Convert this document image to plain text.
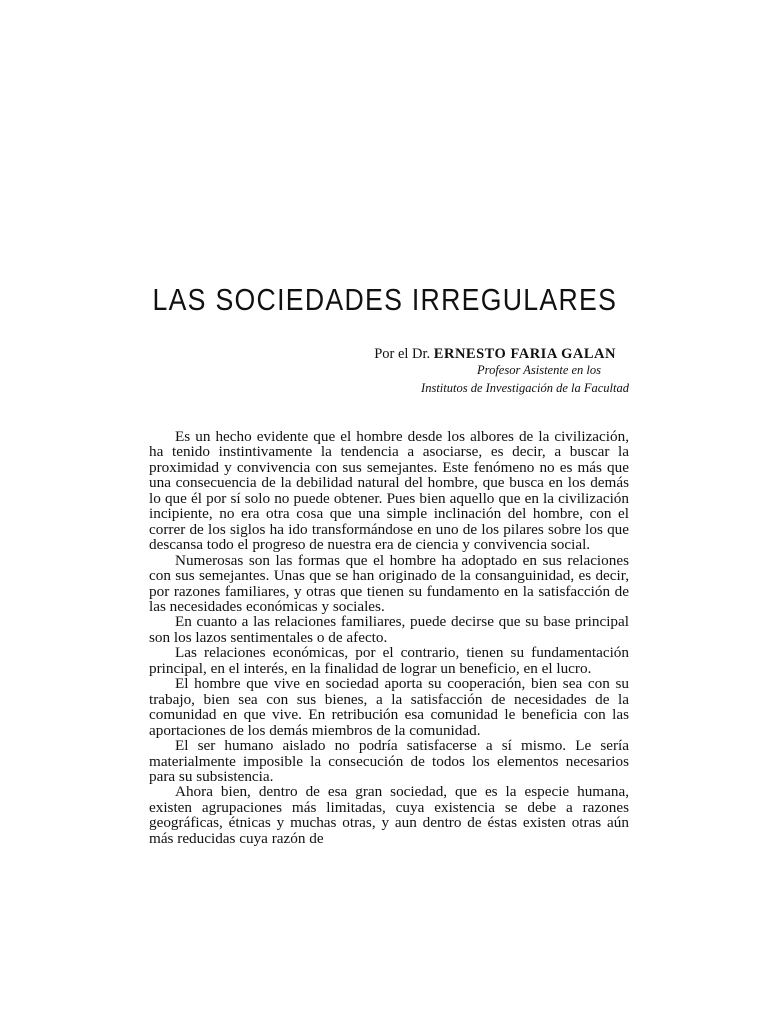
LAS SOCIEDADES IRREGULARES
Por el Dr. ERNESTO FARIA GALAN
Profesor Asistente en los
Institutos de Investigación de la Facultad

Es un hecho evidente que el hombre desde los albores de la civilización, ha tenido instintivamente la tendencia a asociarse, es decir, a buscar la proximidad y convivencia con sus semejantes. Este fenómeno no es más que una consecuencia de la debilidad natural del hombre, que busca en los demás lo que él por sí solo no puede obtener. Pues bien aquello que en la civilización incipiente, no era otra cosa que una simple inclinación del hombre, con el correr de los siglos ha ido transformándose en uno de los pilares sobre los que descansa todo el progreso de nuestra era de ciencia y convivencia social.

Numerosas son las formas que el hombre ha adoptado en sus relaciones con sus semejantes. Unas que se han originado de la consanguinidad, es decir, por razones familiares, y otras que tienen su fundamento en la satisfacción de las necesidades económicas y sociales.

En cuanto a las relaciones familiares, puede decirse que su base principal son los lazos sentimentales o de afecto.

Las relaciones económicas, por el contrario, tienen su fundamentación principal, en el interés, en la finalidad de lograr un beneficio, en el lucro.

El hombre que vive en sociedad aporta su cooperación, bien sea con su trabajo, bien sea con sus bienes, a la satisfacción de necesidades de la comunidad en que vive. En retribución esa comunidad le beneficia con las aportaciones de los demás miembros de la comunidad.

El ser humano aislado no podría satisfacerse a sí mismo. Le sería materialmente imposible la consecución de todos los elementos necesarios para su subsistencia.

Ahora bien, dentro de esa gran sociedad, que es la especie humana, existen agrupaciones más limitadas, cuya existencia se debe a razones geográficas, étnicas y muchas otras, y aun dentro de éstas existen otras aún más reducidas cuya razón de
